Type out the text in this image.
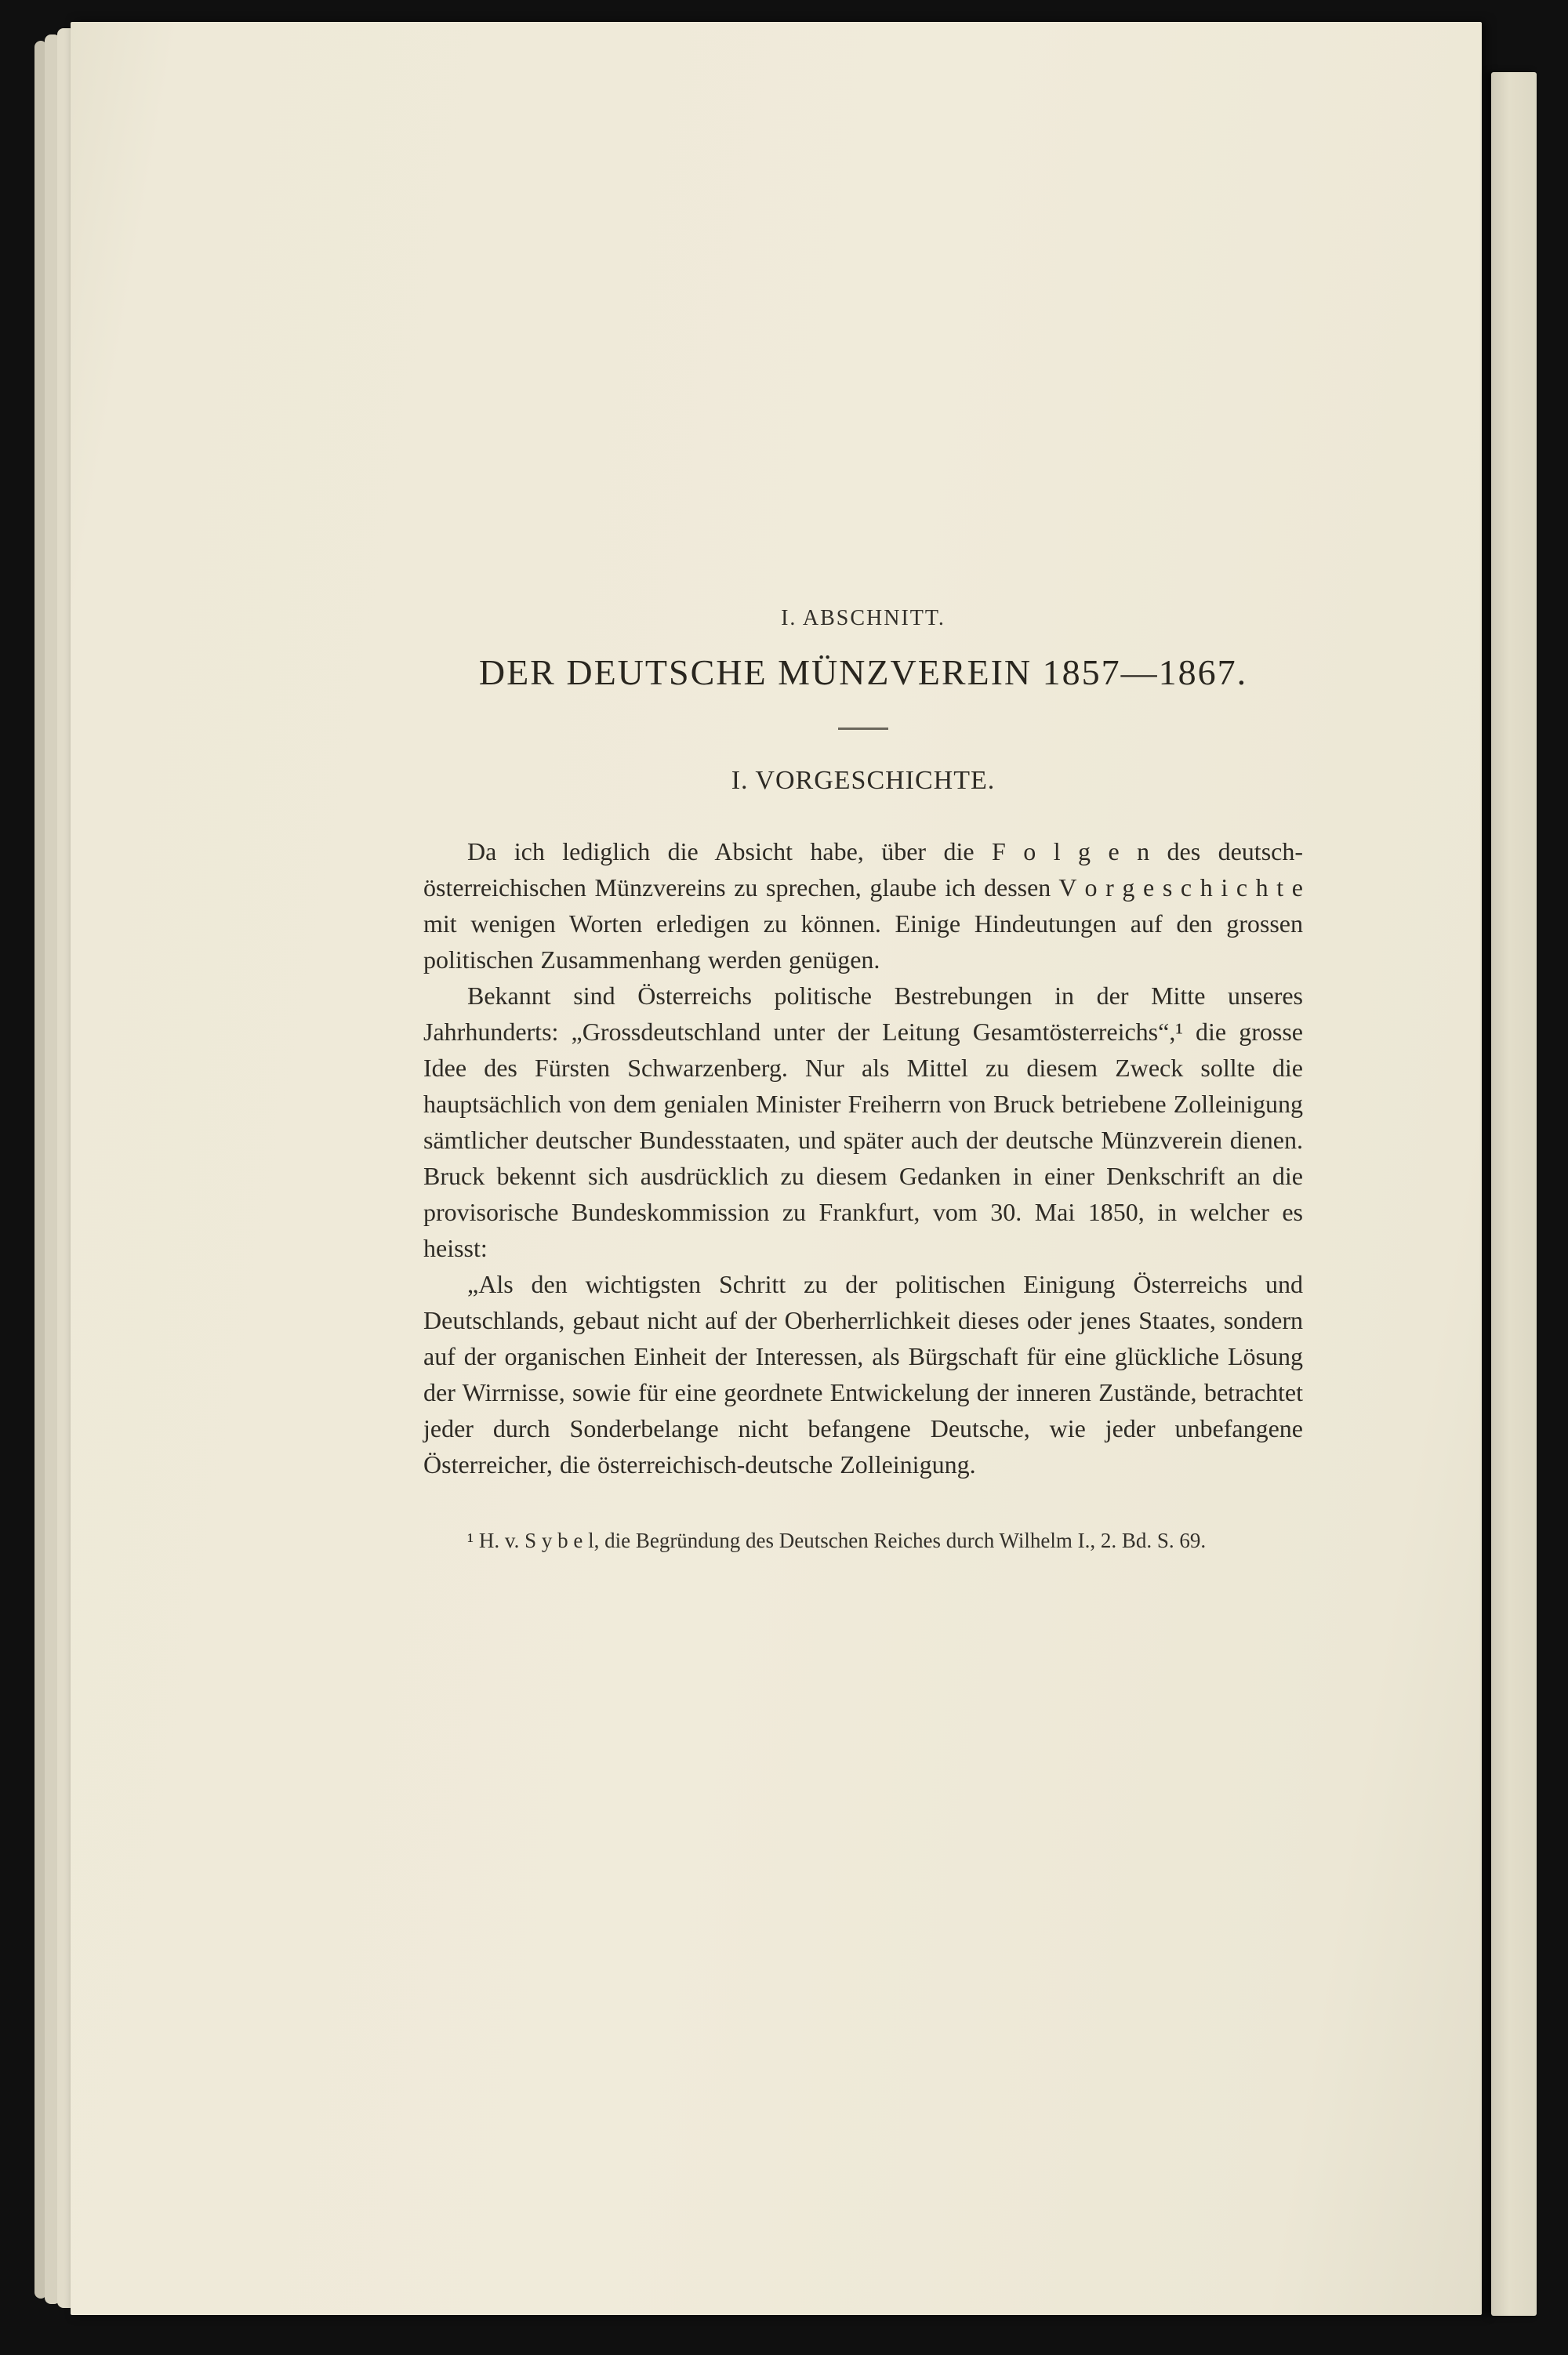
I. ABSCHNITT.
DER DEUTSCHE MÜNZVEREIN 1857—1867.
I. VORGESCHICHTE.

Da ich lediglich die Absicht habe, über die F o l g e n des deutsch-österreichischen Münzvereins zu sprechen, glaube ich dessen V o r g e s c h i c h t e mit wenigen Worten erledigen zu können. Einige Hindeutungen auf den grossen politischen Zusammenhang werden genügen.

Bekannt sind Österreichs politische Bestrebungen in der Mitte unseres Jahrhunderts: „Grossdeutschland unter der Leitung Gesamtösterreichs“,¹ die grosse Idee des Fürsten Schwarzenberg. Nur als Mittel zu diesem Zweck sollte die hauptsächlich von dem genialen Minister Freiherrn von Bruck betriebene Zolleinigung sämtlicher deutscher Bundesstaaten, und später auch der deutsche Münzverein dienen. Bruck bekennt sich ausdrücklich zu diesem Gedanken in einer Denkschrift an die provisorische Bundeskommission zu Frankfurt, vom 30. Mai 1850, in welcher es heisst:

„Als den wichtigsten Schritt zu der politischen Einigung Österreichs und Deutschlands, gebaut nicht auf der Oberherrlichkeit dieses oder jenes Staates, sondern auf der organischen Einheit der Interessen, als Bürgschaft für eine glückliche Lösung der Wirrnisse, sowie für eine geordnete Entwickelung der inneren Zustände, betrachtet jeder durch Sonderbelange nicht befangene Deutsche, wie jeder unbefangene Österreicher, die österreichisch-deutsche Zolleinigung.

¹ H. v. S y b e l, die Begründung des Deutschen Reiches durch Wilhelm I., 2. Bd. S. 69.
